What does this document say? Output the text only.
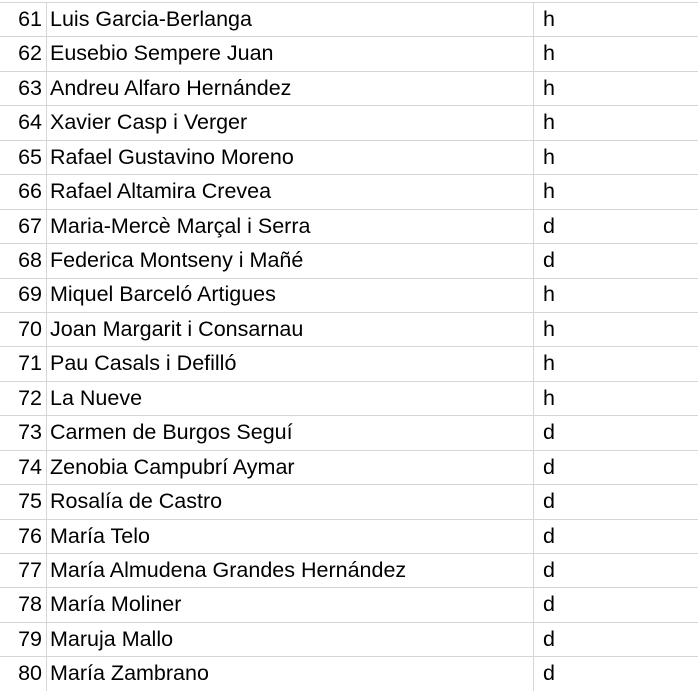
61 Luis Garcia-Berlanga	h
62 Eusebio Sempere Juan	h
63 Andreu Alfaro Hernández	h
64 Xavier Casp i Verger	h
65 Rafael Gustavino Moreno	h
66 Rafael Altamira Crevea	h
67 Maria-Mercè Marçal i Serra	d
68 Federica Montseny i Mañé	d
69 Miquel Barceló Artigues	h
70 Joan Margarit i Consarnau	h
71 Pau Casals i Defilló	h
72 La Nueve	h
73 Carmen de Burgos Seguí	d
74 Zenobia Campubrí Aymar	d
75 Rosalía de Castro	d
76 María Telo	d
77 María Almudena Grandes Hernández	d
78 María Moliner	d
79 Maruja Mallo	d
80 María Zambrano	d
